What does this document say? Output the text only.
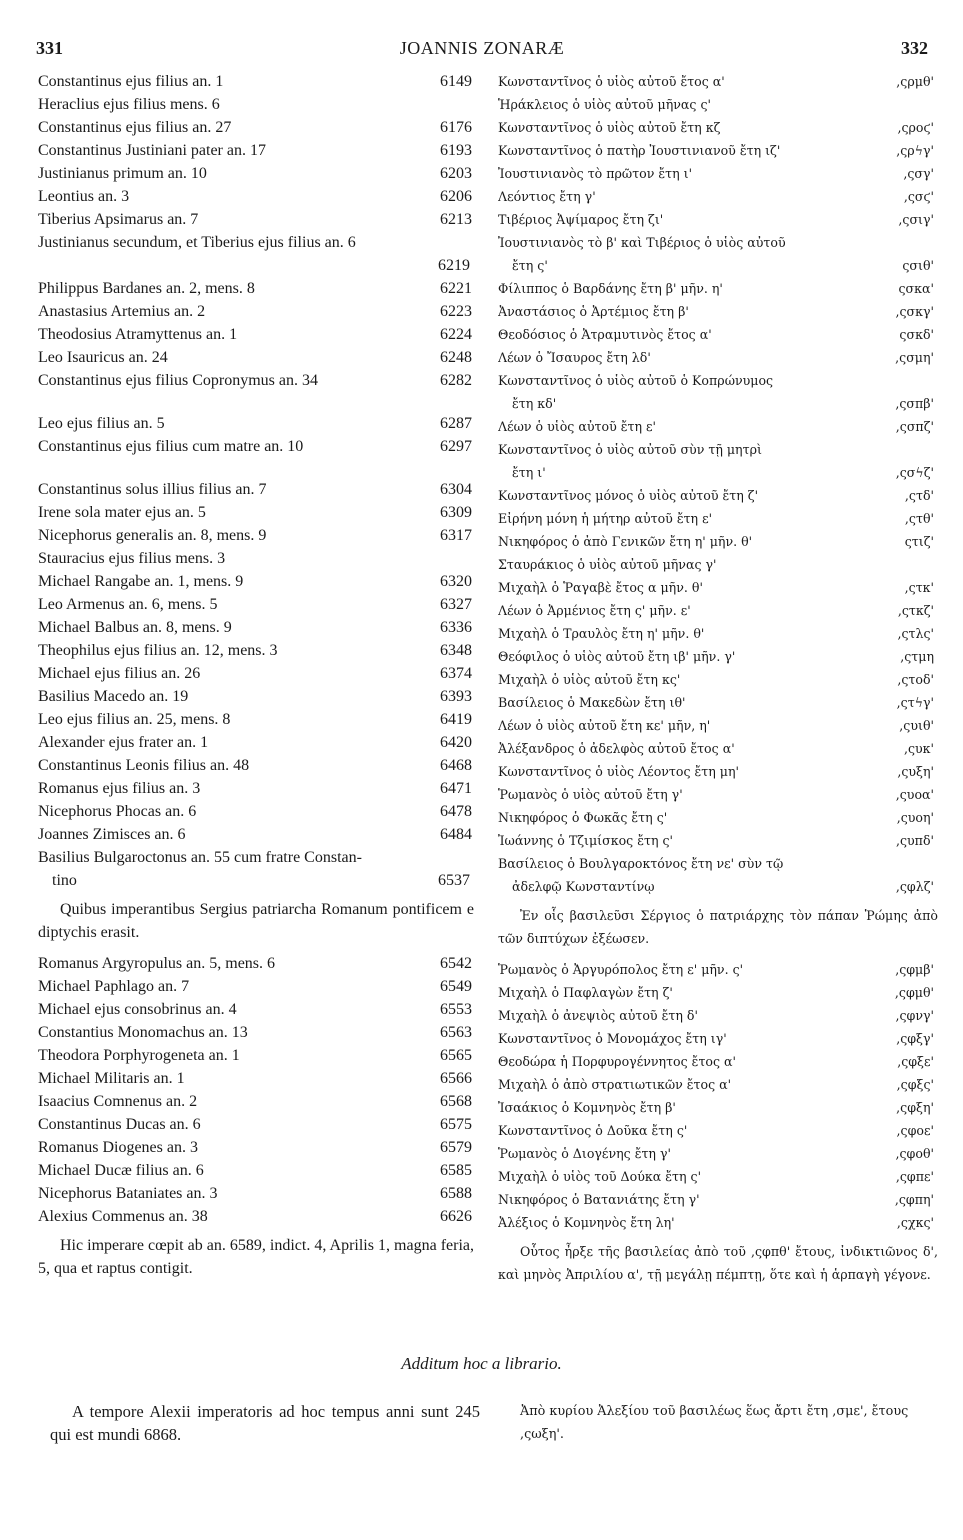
331	JOANNIS ZONARÆ	332
Constantinus ejus filius an. 1	6149
Heraclius ejus filius mens. 6
Constantinus ejus filius an. 27	6176
Constantinus Justiniani pater an. 17	6193
Justinianus primum an. 10	6203
Leontius an. 3	6206
Tiberius Apsimarus an. 7	6213
Justinianus secundum, et Tiberius ejus filius an. 6
6219
Philippus Bardanes an. 2, mens. 8	6221
Anastasius Artemius an. 2	6223
Theodosius Atramyttenus an. 1	6224
Leo Isauricus an. 24	6248
Constantinus ejus filius Copronymus an. 34	6282
Leo ejus filius an. 5	6287
Constantinus ejus filius cum matre an. 10	6297
Constantinus solus illius filius an. 7	6304
Irene sola mater ejus an. 5	6309
Nicephorus generalis an. 8, mens. 9	6317
Stauracius ejus filius mens. 3
Michael Rangabe an. 1, mens. 9	6320
Leo Armenus an. 6, mens. 5	6327
Michael Balbus an. 8, mens. 9	6336
Theophilus ejus filius an. 12, mens. 3	6348
Michael ejus filius an. 26	6374
Basilius Macedo an. 19	6393
Leo ejus filius an. 25, mens. 8	6419
Alexander ejus frater an. 1	6420
Constantinus Leonis filius an. 48	6468
Romanus ejus filius an. 3	6471
Nicephorus Phocas an. 6	6478
Joannes Zimisces an. 6	6484
Basilius Bulgaroctonus an. 55 cum fratre Constan-
tino	6537
Quibus imperantibus Sergius patriarcha Romanum pontificem e diptychis erasit.
Romanus Argyropulus an. 5, mens. 6	6542
Michael Paphlago an. 7	6549
Michael ejus consobrinus an. 4	6553
Constantius Monomachus an. 13	6563
Theodora Porphyrogeneta an. 1	6565
Michael Militaris an. 1	6566
Isaacius Comnenus an. 2	6568
Constantinus Ducas an. 6	6575
Romanus Diogenes an. 3	6579
Michael Ducæ filius an. 6	6585
Nicephorus Bataniates an. 3	6588
Alexius Commenus an. 38	6626
Hic imperare cœpit ab an. 6589, indict. 4, Aprilis 1, magna feria, 5, qua et raptus contigit.
Κωνσταντῖνος ὁ υἱὸς αὐτοῦ ἔτος α'	,ςρμθ'
Ἡράκλειος ὁ υἱὸς αὐτοῦ μῆνας ς'
Κωνσταντῖνος ὁ υἱὸς αὐτοῦ ἔτη κζ	,ςροϛ'
Κωνσταντῖνος ὁ πατὴρ Ἰουστινιανοῦ ἔτη ιζ'	,ςρϟγ'
Ἰουστινιανὸς τὸ πρῶτον ἔτη ι'	,ςσγ'
Λεόντιος ἔτη γ'	,ςσϛ'
Τιβέριος Ἀψίμαρος ἔτη ζι'	,ςσιγ'
Ἰουστινιανὸς τὸ β' καὶ Τιβέριος ὁ υἱὸς αὐτοῦ
ἔτη ς'	ςσιθ'
Φίλιππος ὁ Βαρδάνης ἔτη β' μῆν. η'	ςσκα'
Ἀναστάσιος ὁ Ἀρτέμιος ἔτη β'	,ςσκγ'
Θεοδόσιος ὁ Ἀτραμυτινὸς ἔτος α'	ςσκδ'
Λέων ὁ Ἴσαυρος ἔτη λδ'	,ςσμη'
Κωνσταντῖνος ὁ υἱὸς αὐτοῦ ὁ Κοπρώνυμος
ἔτη κδ'	,ςσπβ'
Λέων ὁ υἱὸς αὐτοῦ ἔτη ε'	,ςσπζ'
Κωνσταντῖνος ὁ υἱὸς αὐτοῦ σὺν τῇ μητρὶ
ἔτη ι'	,ςσϟζ'
Κωνσταντῖνος μόνος ὁ υἱὸς αὐτοῦ ἔτη ζ'	,ςτδ'
Εἰρήνη μόνη ἡ μήτηρ αὐτοῦ ἔτη ε'	,ςτθ'
Νικηφόρος ὁ ἀπὸ Γενικῶν ἔτη η' μῆν. θ'	ςτιζ'
Σταυράκιος ὁ υἱὸς αὐτοῦ μῆνας γ'
Μιχαὴλ ὁ Ῥαγαβὲ ἔτος α μῆν. θ'	,ςτκ'
Λέων ὁ Ἀρμένιος ἔτη ς' μῆν. ε'	,ςτκζ'
Μιχαὴλ ὁ Τραυλὸς ἔτη η' μῆν. θ'	,ςτλς'
Θεόφιλος ὁ υἱὸς αὐτοῦ ἔτη ιβ' μῆν. γ'	,ςτμη
Μιχαὴλ ὁ υἱὸς αὐτοῦ ἔτη κς'	,ςτοδ'
Βασίλειος ὁ Μακεδὼν ἔτη ιθ'	,ςτϟγ'
Λέων ὁ υἱὸς αὐτοῦ ἔτη κε' μῆν, η'	,ςυιθ'
Ἀλέξανδρος ὁ ἀδελφὸς αὐτοῦ ἔτος α'	,ςυκ'
Κωνσταντῖνος ὁ υἱὸς Λέοντος ἔτη μη'	,ςυξη'
Ῥωμανὸς ὁ υἱὸς αὐτοῦ ἔτη γ'	,ςυοα'
Νικηφόρος ὁ Φωκᾶς ἔτη ς'	,ςυοη'
Ἰωάννης ὁ Τζιμίσκος ἔτη ς'	,ςυπδ'
Βασίλειος ὁ Βουλγαροκτόνος ἔτη νε' σὺν τῷ
ἀδελφῷ Κωνσταντίνῳ	,ςφλζ'
Ἐν οἷς βασιλεῦσι Σέργιος ὁ πατριάρχης τὸν πάπαν Ῥώμης ἀπὸ τῶν διπτύχων ἐξέωσεν.
Ῥωμανὸς ὁ Ἀργυρόπολος ἔτη ε' μῆν. ς'	,ςφμβ'
Μιχαὴλ ὁ Παφλαγὼν ἔτη ζ'	,ςφμθ'
Μιχαὴλ ὁ ἀνεψιὸς αὐτοῦ ἔτη δ'	,ςφνγ'
Κωνσταντῖνος ὁ Μονομάχος ἔτη ιγ'	,ςφξγ'
Θεοδώρα ἡ Πορφυρογέννητος ἔτος α'	,ςφξε'
Μιχαὴλ ὁ ἀπὸ στρατιωτικῶν ἔτος α'	,ςφξς'
Ἰσαάκιος ὁ Κομνηνὸς ἔτη β'	,ςφξη'
Κωνσταντῖνος ὁ Δοῦκα ἔτη ς'	,ςφοε'
Ῥωμανὸς ὁ Διογένης ἔτη γ'	,ςφοθ'
Μιχαὴλ ὁ υἱὸς τοῦ Δούκα ἔτη ς'	,ςφπε'
Νικηφόρος ὁ Βατανιάτης ἔτη γ'	,ςφπη'
Ἀλέξιος ὁ Κομνηνὸς ἔτη λη'	,ςχκς'
Οὗτος ἦρξε τῆς βασιλείας ἀπὸ τοῦ ,ςφπθ' ἔτους, ἰνδικτιῶνος δ', καὶ μηνὸς Ἀπριλίου α', τῇ μεγάλῃ πέμπτῃ, ὅτε καὶ ἡ ἁρπαγὴ γέγονε.
Additum hoc a librario.
A tempore Alexii imperatoris ad hoc tempus anni sunt 245 qui est mundi 6868.
Ἀπὸ κυρίου Ἀλεξίου τοῦ βασιλέως ἕως ἄρτι ἔτη ,σμε', ἔτους ,ςωξη'.
